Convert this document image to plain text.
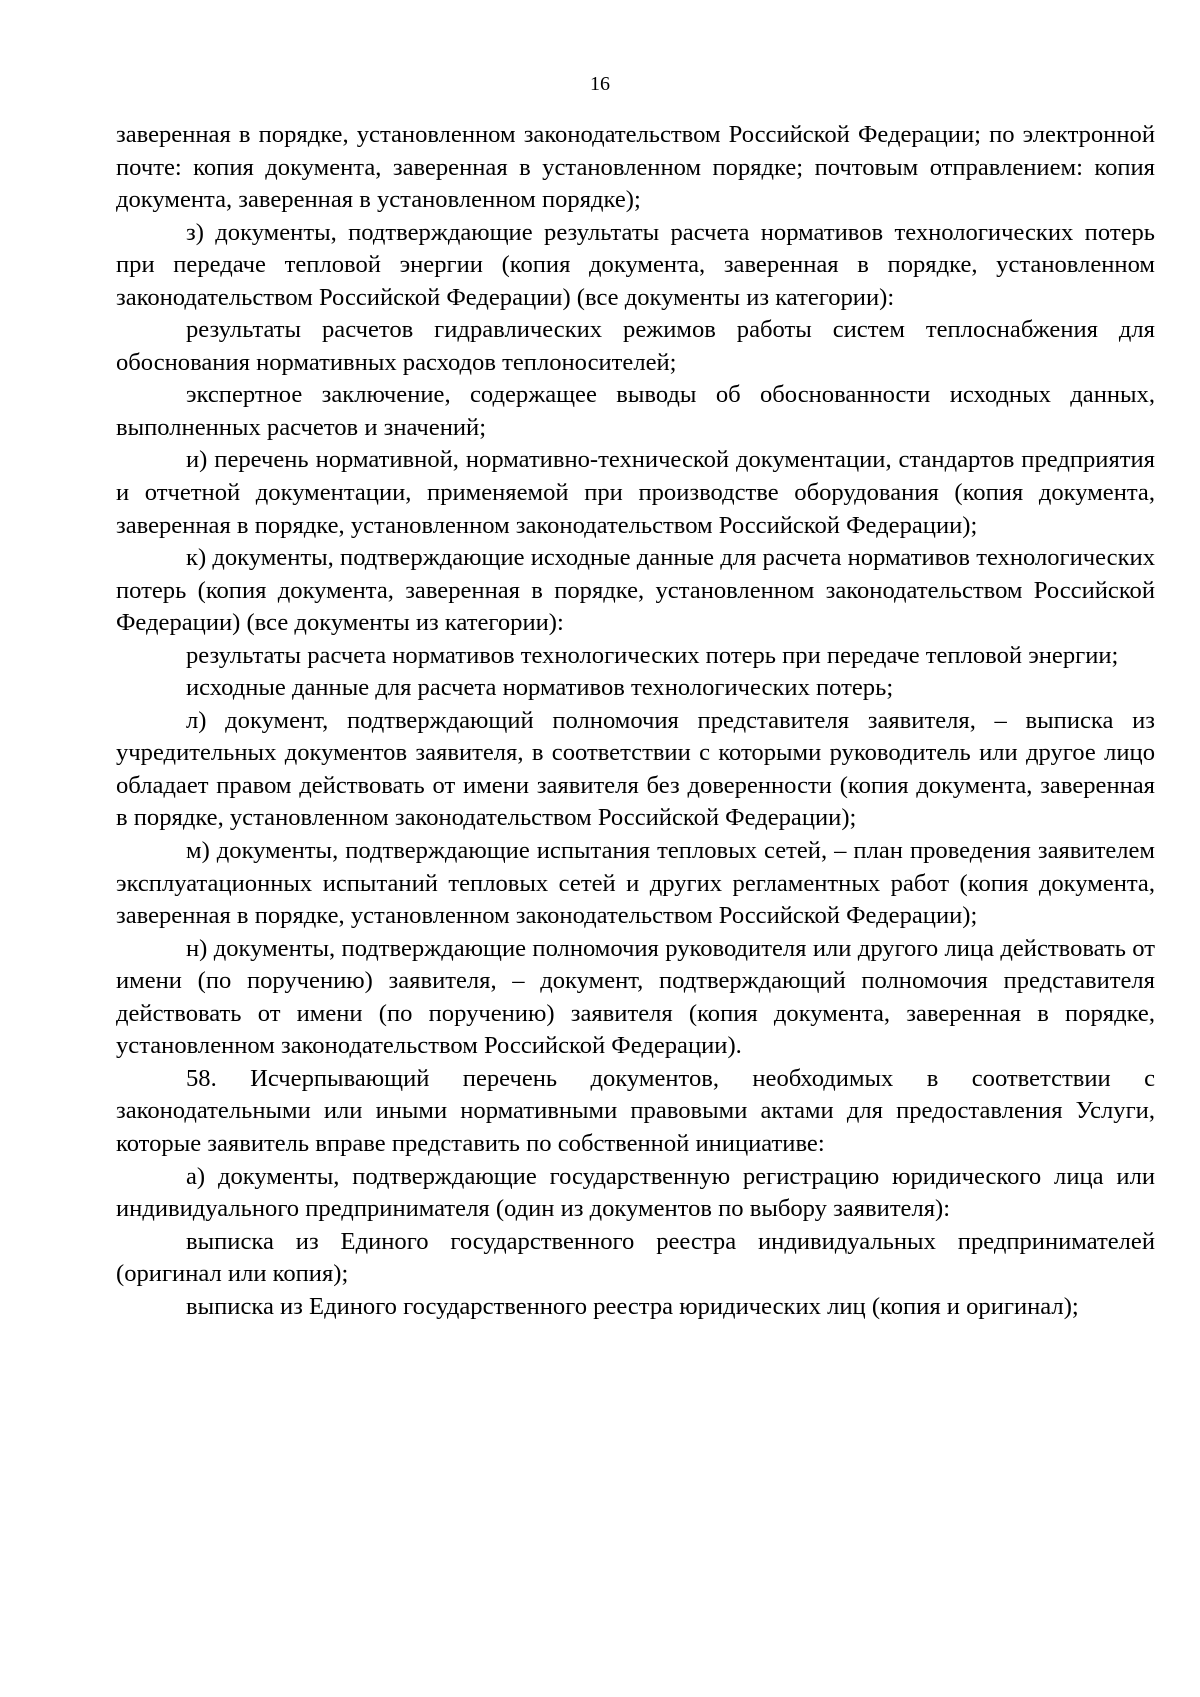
16

заверенная в порядке, установленном законодательством Российской Федерации; по электронной почте: копия документа, заверенная в установленном порядке; почтовым отправлением: копия документа, заверенная в установленном порядке);

з) документы, подтверждающие результаты расчета нормативов технологических потерь при передаче тепловой энергии (копия документа, заверенная в порядке, установленном законодательством Российской Федерации) (все документы из категории):

результаты расчетов гидравлических режимов работы систем теплоснабжения для обоснования нормативных расходов теплоносителей;

экспертное заключение, содержащее выводы об обоснованности исходных данных, выполненных расчетов и значений;

и) перечень нормативной, нормативно-технической документации, стандартов предприятия и отчетной документации, применяемой при производстве оборудования (копия документа, заверенная в порядке, установленном законодательством Российской Федерации);

к) документы, подтверждающие исходные данные для расчета нормативов технологических потерь (копия документа, заверенная в порядке, установленном законодательством Российской Федерации) (все документы из категории):

результаты расчета нормативов технологических потерь при передаче тепловой энергии;

исходные данные для расчета нормативов технологических потерь;

л) документ, подтверждающий полномочия представителя заявителя, – выписка из учредительных документов заявителя, в соответствии с которыми руководитель или другое лицо обладает правом действовать от имени заявителя без доверенности (копия документа, заверенная в порядке, установленном законодательством Российской Федерации);

м) документы, подтверждающие испытания тепловых сетей, – план проведения заявителем эксплуатационных испытаний тепловых сетей и других регламентных работ (копия документа, заверенная в порядке, установленном законодательством Российской Федерации);

н) документы, подтверждающие полномочия руководителя или другого лица действовать от имени (по поручению) заявителя, – документ, подтверждающий полномочия представителя действовать от имени (по поручению) заявителя (копия документа, заверенная в порядке, установленном законодательством Российской Федерации).

58. Исчерпывающий перечень документов, необходимых в соответствии с законодательными или иными нормативными правовыми актами для предоставления Услуги, которые заявитель вправе представить по собственной инициативе:

а) документы, подтверждающие государственную регистрацию юридического лица или индивидуального предпринимателя (один из документов по выбору заявителя):

выписка из Единого государственного реестра индивидуальных предпринимателей (оригинал или копия);

выписка из Единого государственного реестра юридических лиц (копия и оригинал);
